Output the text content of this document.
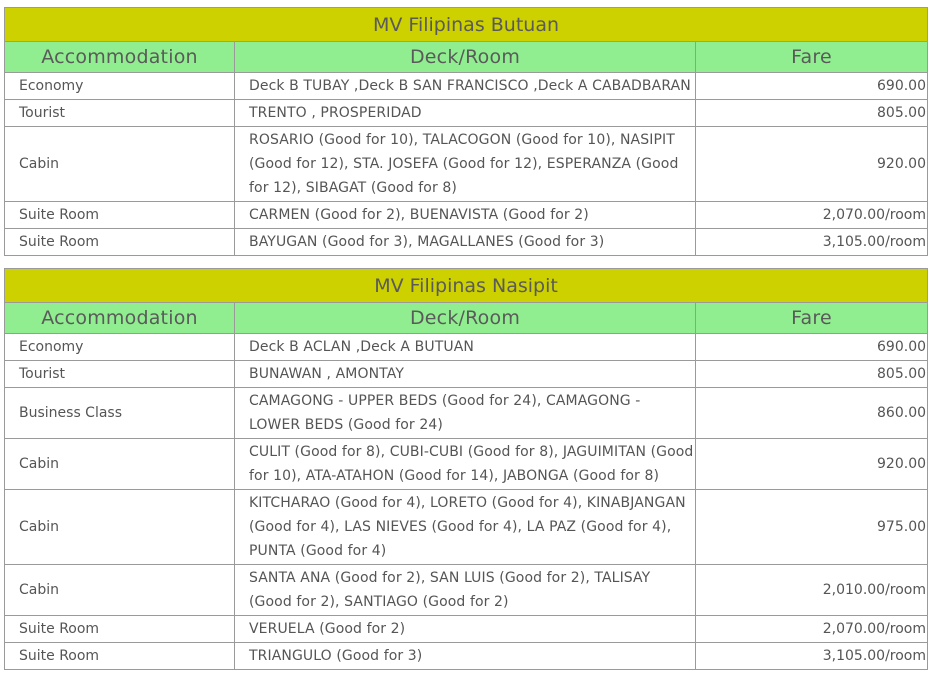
MV Filipinas Butuan		
Accommodation	Deck/Room	Fare
Economy	Deck B TUBAY ,Deck B SAN FRANCISCO ,Deck A CABADBARAN	690.00
Tourist	TRENTO , PROSPERIDAD	805.00
Cabin	ROSARIO (Good for 10), TALACOGON (Good for 10), NASIPIT (Good for 12), STA. JOSEFA (Good for 12), ESPERANZA (Good for 12), SIBAGAT (Good for 8)	920.00
Suite Room	CARMEN (Good for 2), BUENAVISTA (Good for 2)	2,070.00/room
Suite Room	BAYUGAN (Good for 3), MAGALLANES (Good for 3)	3,105.00/room
MV Filipinas Nasipit		
Accommodation	Deck/Room	Fare
Economy	Deck B ACLAN ,Deck A BUTUAN	690.00
Tourist	BUNAWAN , AMONTAY	805.00
Business Class	CAMAGONG - UPPER BEDS (Good for 24), CAMAGONG - LOWER BEDS (Good for 24)	860.00
Cabin	CULIT (Good for 8), CUBI-CUBI (Good for 8), JAGUIMITAN (Good for 10), ATA-ATAHON (Good for 14), JABONGA (Good for 8)	920.00
Cabin	KITCHARAO (Good for 4), LORETO (Good for 4), KINABJANGAN (Good for 4), LAS NIEVES (Good for 4), LA PAZ (Good for 4), PUNTA (Good for 4)	975.00
Cabin	SANTA ANA (Good for 2), SAN LUIS (Good for 2), TALISAY (Good for 2), SANTIAGO (Good for 2)	2,010.00/room
Suite Room	VERUELA (Good for 2)	2,070.00/room
Suite Room	TRIANGULO (Good for 3)	3,105.00/room
